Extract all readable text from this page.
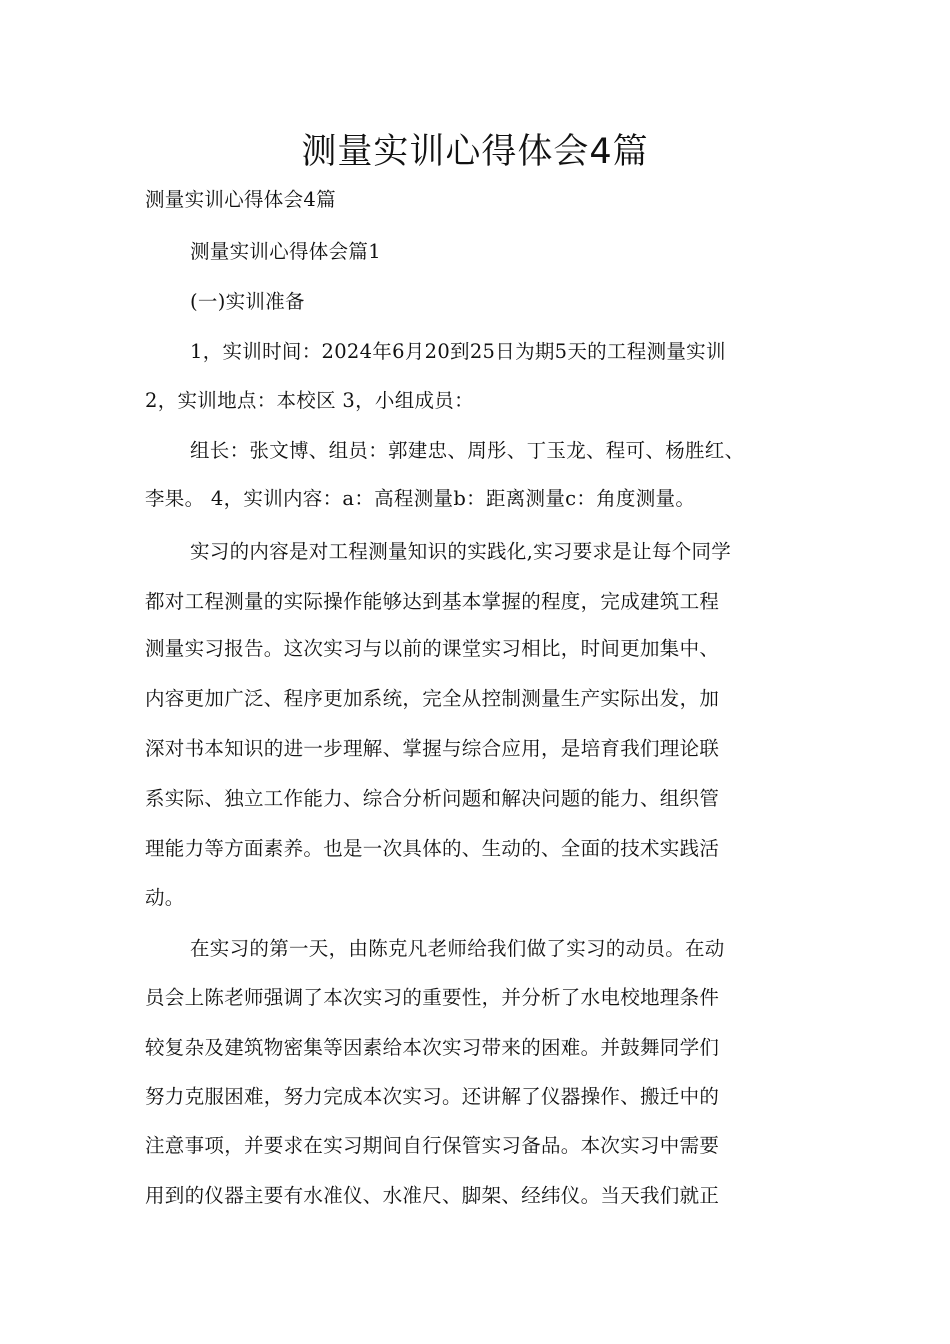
测量实训心得体会4篇
测量实训心得体会4篇
测量实训心得体会篇1
(一)实训准备
1，实训时间：2024年6月20到25日为期5天的工程测量实训
2，实训地点：本校区 3，小组成员：
组长：张文博、组员：郭建忠、周彤、丁玉龙、程可、杨胜红、
李果。 4，实训内容：a：高程测量b：距离测量c：角度测量。
实习的内容是对工程测量知识的实践化,实习要求是让每个同学
都对工程测量的实际操作能够达到基本掌握的程度，完成建筑工程
测量实习报告。这次实习与以前的课堂实习相比，时间更加集中、
内容更加广泛、程序更加系统，完全从控制测量生产实际出发，加
深对书本知识的进一步理解、掌握与综合应用，是培育我们理论联
系实际、独立工作能力、综合分析问题和解决问题的能力、组织管
理能力等方面素养。也是一次具体的、生动的、全面的技术实践活
动。
在实习的第一天，由陈克凡老师给我们做了实习的动员。在动
员会上陈老师强调了本次实习的重要性，并分析了水电校地理条件
较复杂及建筑物密集等因素给本次实习带来的困难。并鼓舞同学们
努力克服困难，努力完成本次实习。还讲解了仪器操作、搬迁中的
注意事项，并要求在实习期间自行保管实习备品。本次实习中需要
用到的仪器主要有水准仪、水准尺、脚架、经纬仪。当天我们就正
